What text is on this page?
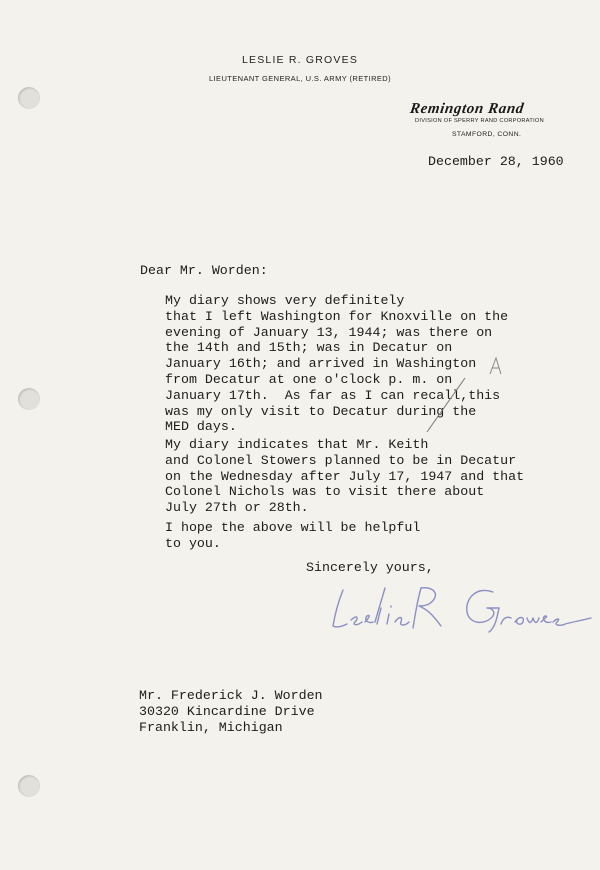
LESLIE R. GROVES
LIEUTENANT GENERAL, U.S. ARMY (RETIRED)
Remington Rand
DIVISION OF SPERRY RAND CORPORATION
STAMFORD, CONN.
December 28, 1960
Dear Mr. Worden:
My diary shows very definitely
that I left Washington for Knoxville on the
evening of January 13, 1944; was there on
the 14th and 15th; was in Decatur on
January 16th; and arrived in Washington
from Decatur at one o'clock p. m. on
January 17th.  As far as I can recall,this
was my only visit to Decatur during the
MED days.
My diary indicates that Mr. Keith
and Colonel Stowers planned to be in Decatur
on the Wednesday after July 17, 1947 and that
Colonel Nichols was to visit there about
July 27th or 28th.
I hope the above will be helpful
to you.
Sincerely yours,
Mr. Frederick J. Worden
30320 Kincardine Drive
Franklin, Michigan
